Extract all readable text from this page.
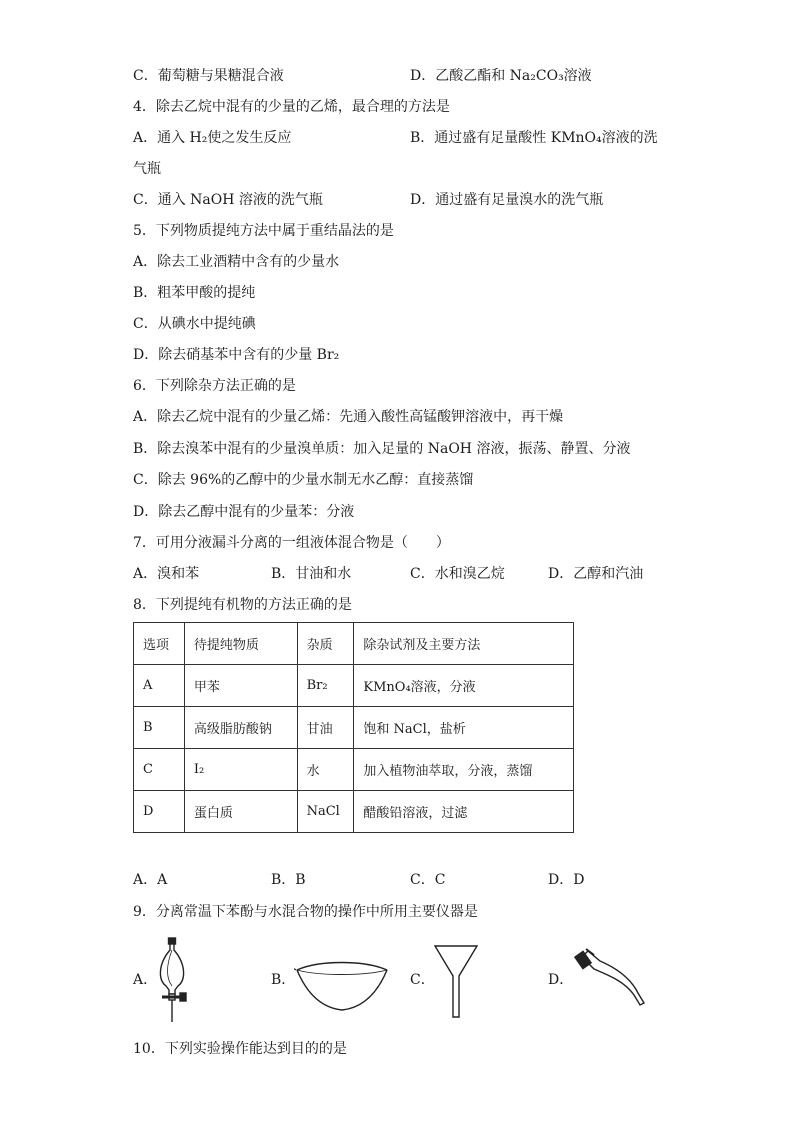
C．葡萄糖与果糖混合液	D．乙酸乙酯和 Na₂CO₃溶液
4．除去乙烷中混有的少量的乙烯，最合理的方法是
A．通入 H₂使之发生反应	B．通过盛有足量酸性 KMnO₄溶液的洗
气瓶
C．通入 NaOH 溶液的洗气瓶	D．通过盛有足量溴水的洗气瓶
5．下列物质提纯方法中属于重结晶法的是
A．除去工业酒精中含有的少量水
B．粗苯甲酸的提纯
C．从碘水中提纯碘
D．除去硝基苯中含有的少量 Br₂
6．下列除杂方法正确的是
A．除去乙烷中混有的少量乙烯：先通入酸性高锰酸钾溶液中，再干燥
B．除去溴苯中混有的少量溴单质：加入足量的 NaOH 溶液，振荡、静置、分液
C．除去 96%的乙醇中的少量水制无水乙醇：直接蒸馏
D．除去乙醇中混有的少量苯：分液
7．可用分液漏斗分离的一组液体混合物是（　　）
A．溴和苯	B．甘油和水	C．水和溴乙烷	D．乙醇和汽油
8．下列提纯有机物的方法正确的是
选项	待提纯物质	杂质	除杂试剂及主要方法
A	甲苯	Br₂	KMnO₄溶液，分液
B	高级脂肪酸钠	甘油	饱和 NaCl，盐析
C	I₂	水	加入植物油萃取，分液，蒸馏
D	蛋白质	NaCl	醋酸铅溶液，过滤
A．A	B．B	C．C	D．D
9．分离常温下苯酚与水混合物的操作中所用主要仪器是
A．	B．	C．	D．
10．下列实验操作能达到目的的是
